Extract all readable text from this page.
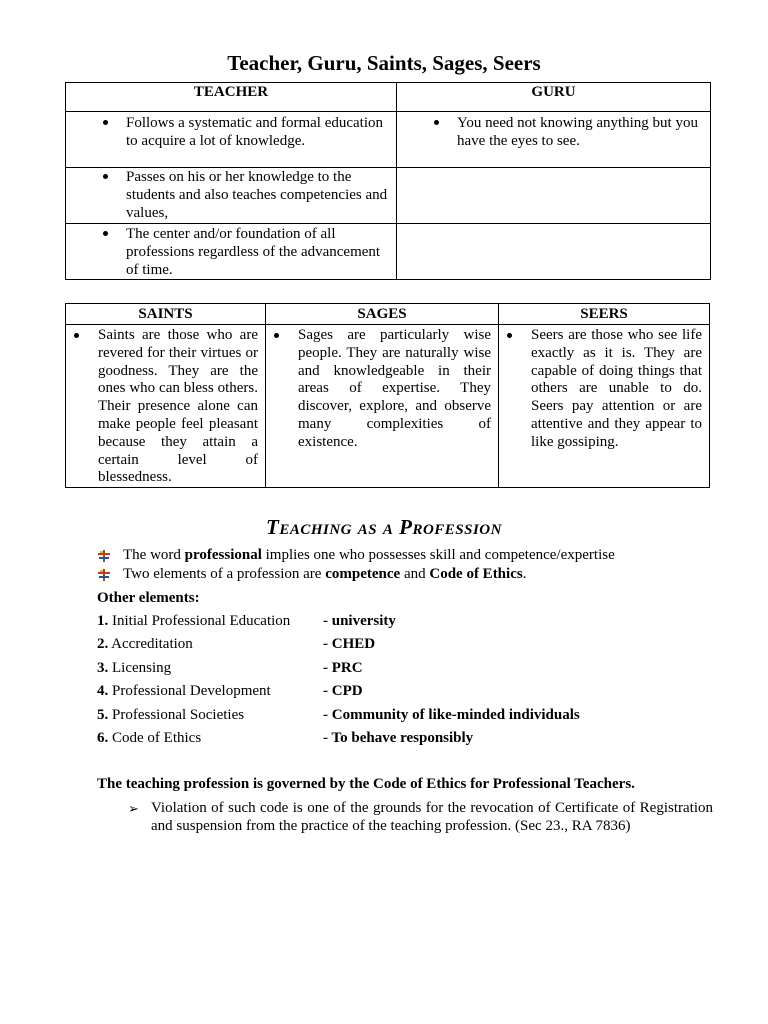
Teacher, Guru, Saints, Sages, Seers
TEACHER	GURU

Follows a systematic and formal education to acquire a lot of knowledge.	You need not knowing anything but you have the eyes to see.

Passes on his or her knowledge to the students and also teaches competencies and values,	

The center and/or foundation of all professions regardless of the advancement of time.	

SAINTS	SAGES	SEERS

Saints are those who are revered for their virtues or goodness. They are the ones who can bless others. Their presence alone can make people feel pleasant because they attain a certain level of blessedness.	Sages are particularly wise people. They are naturally wise and knowledgeable in their areas of expertise. They discover, explore, and observe many complexities of existence.	Seers are those who see life exactly as it is. They are capable of doing things that others are unable to do. Seers pay attention or are attentive and they appear to like gossiping.
Teaching as a Profession
The word professional implies one who possesses skill and competence/expertise
Two elements of a profession are competence and Code of Ethics.
Other elements:
1. Initial Professional Education - university
2. Accreditation	- CHED
3. Licensing	- PRC
4. Professional Development	- CPD
5. Professional Societies	- Community of like-minded individuals
6. Code of Ethics	- To behave responsibly
The teaching profession is governed by the Code of Ethics for Professional Teachers.
➢ Violation of such code is one of the grounds for the revocation of Certificate of Registration and suspension from the practice of the teaching profession. (Sec 23., RA 7836)
